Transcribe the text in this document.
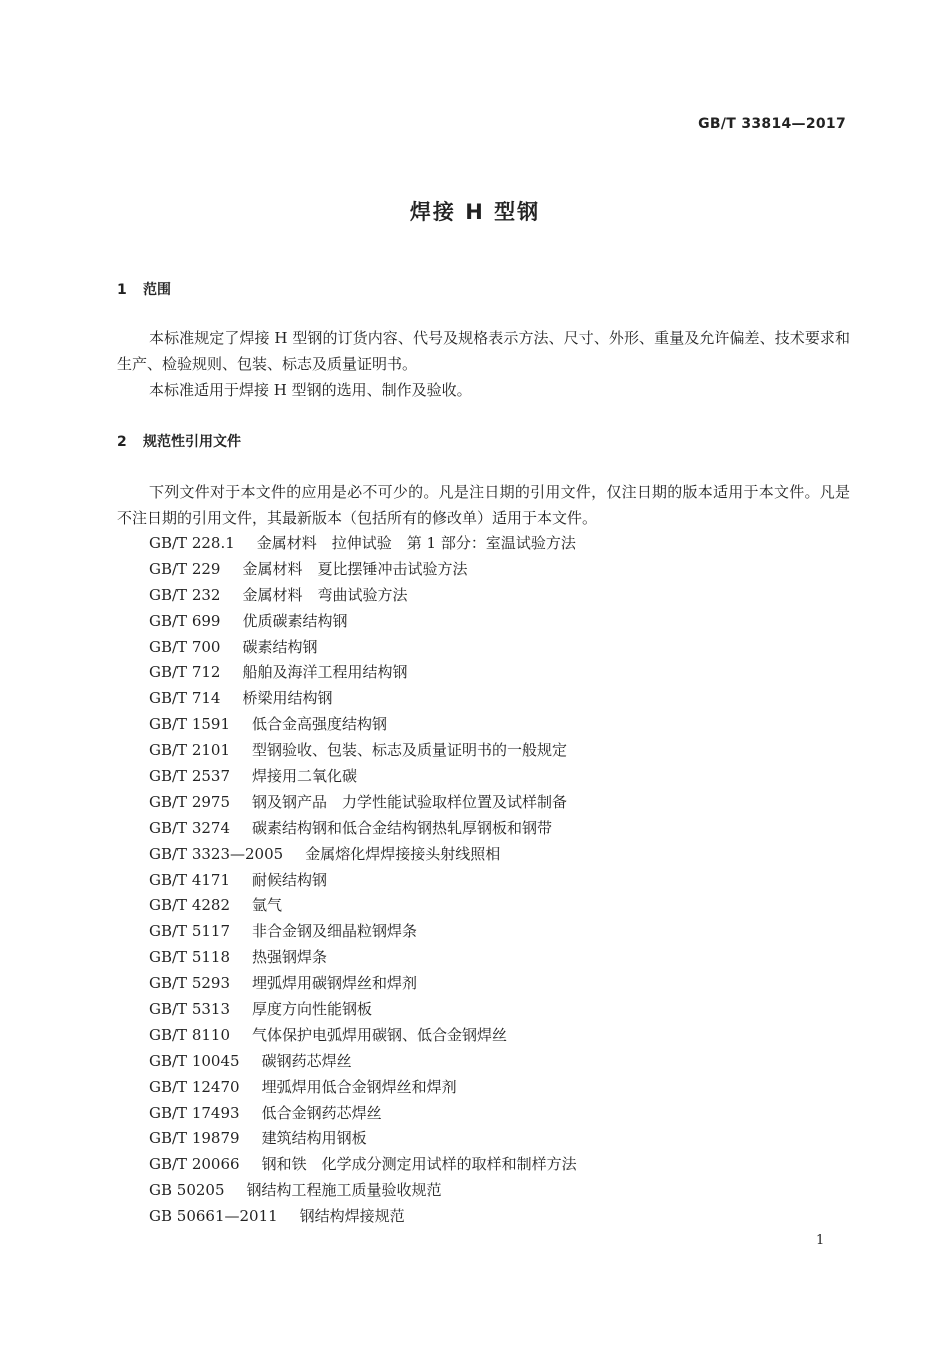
GB/T 33814—2017
焊接 H 型钢
1 范围

本标准规定了焊接 H 型钢的订货内容、代号及规格表示方法、尺寸、外形、重量及允许偏差、技术要求和生产、检验规则、包装、标志及质量证明书。

本标准适用于焊接 H 型钢的选用、制作及验收。

2 规范性引用文件

下列文件对于本文件的应用是必不可少的。凡是注日期的引用文件，仅注日期的版本适用于本文件。凡是不注日期的引用文件，其最新版本（包括所有的修改单）适用于本文件。

GB/T 228.1 金属材料　拉伸试验　第 1 部分：室温试验方法
GB/T 229 金属材料　夏比摆锤冲击试验方法
GB/T 232 金属材料　弯曲试验方法
GB/T 699 优质碳素结构钢
GB/T 700 碳素结构钢
GB/T 712 船舶及海洋工程用结构钢
GB/T 714 桥梁用结构钢
GB/T 1591 低合金高强度结构钢
GB/T 2101 型钢验收、包装、标志及质量证明书的一般规定
GB/T 2537 焊接用二氧化碳
GB/T 2975 钢及钢产品　力学性能试验取样位置及试样制备
GB/T 3274 碳素结构钢和低合金结构钢热轧厚钢板和钢带
GB/T 3323—2005 金属熔化焊焊接接头射线照相
GB/T 4171 耐候结构钢
GB/T 4282 氩气
GB/T 5117 非合金钢及细晶粒钢焊条
GB/T 5118 热强钢焊条
GB/T 5293 埋弧焊用碳钢焊丝和焊剂
GB/T 5313 厚度方向性能钢板
GB/T 8110 气体保护电弧焊用碳钢、低合金钢焊丝
GB/T 10045 碳钢药芯焊丝
GB/T 12470 埋弧焊用低合金钢焊丝和焊剂
GB/T 17493 低合金钢药芯焊丝
GB/T 19879 建筑结构用钢板
GB/T 20066 钢和铁　化学成分测定用试样的取样和制样方法
GB 50205 钢结构工程施工质量验收规范
GB 50661—2011 钢结构焊接规范
1
